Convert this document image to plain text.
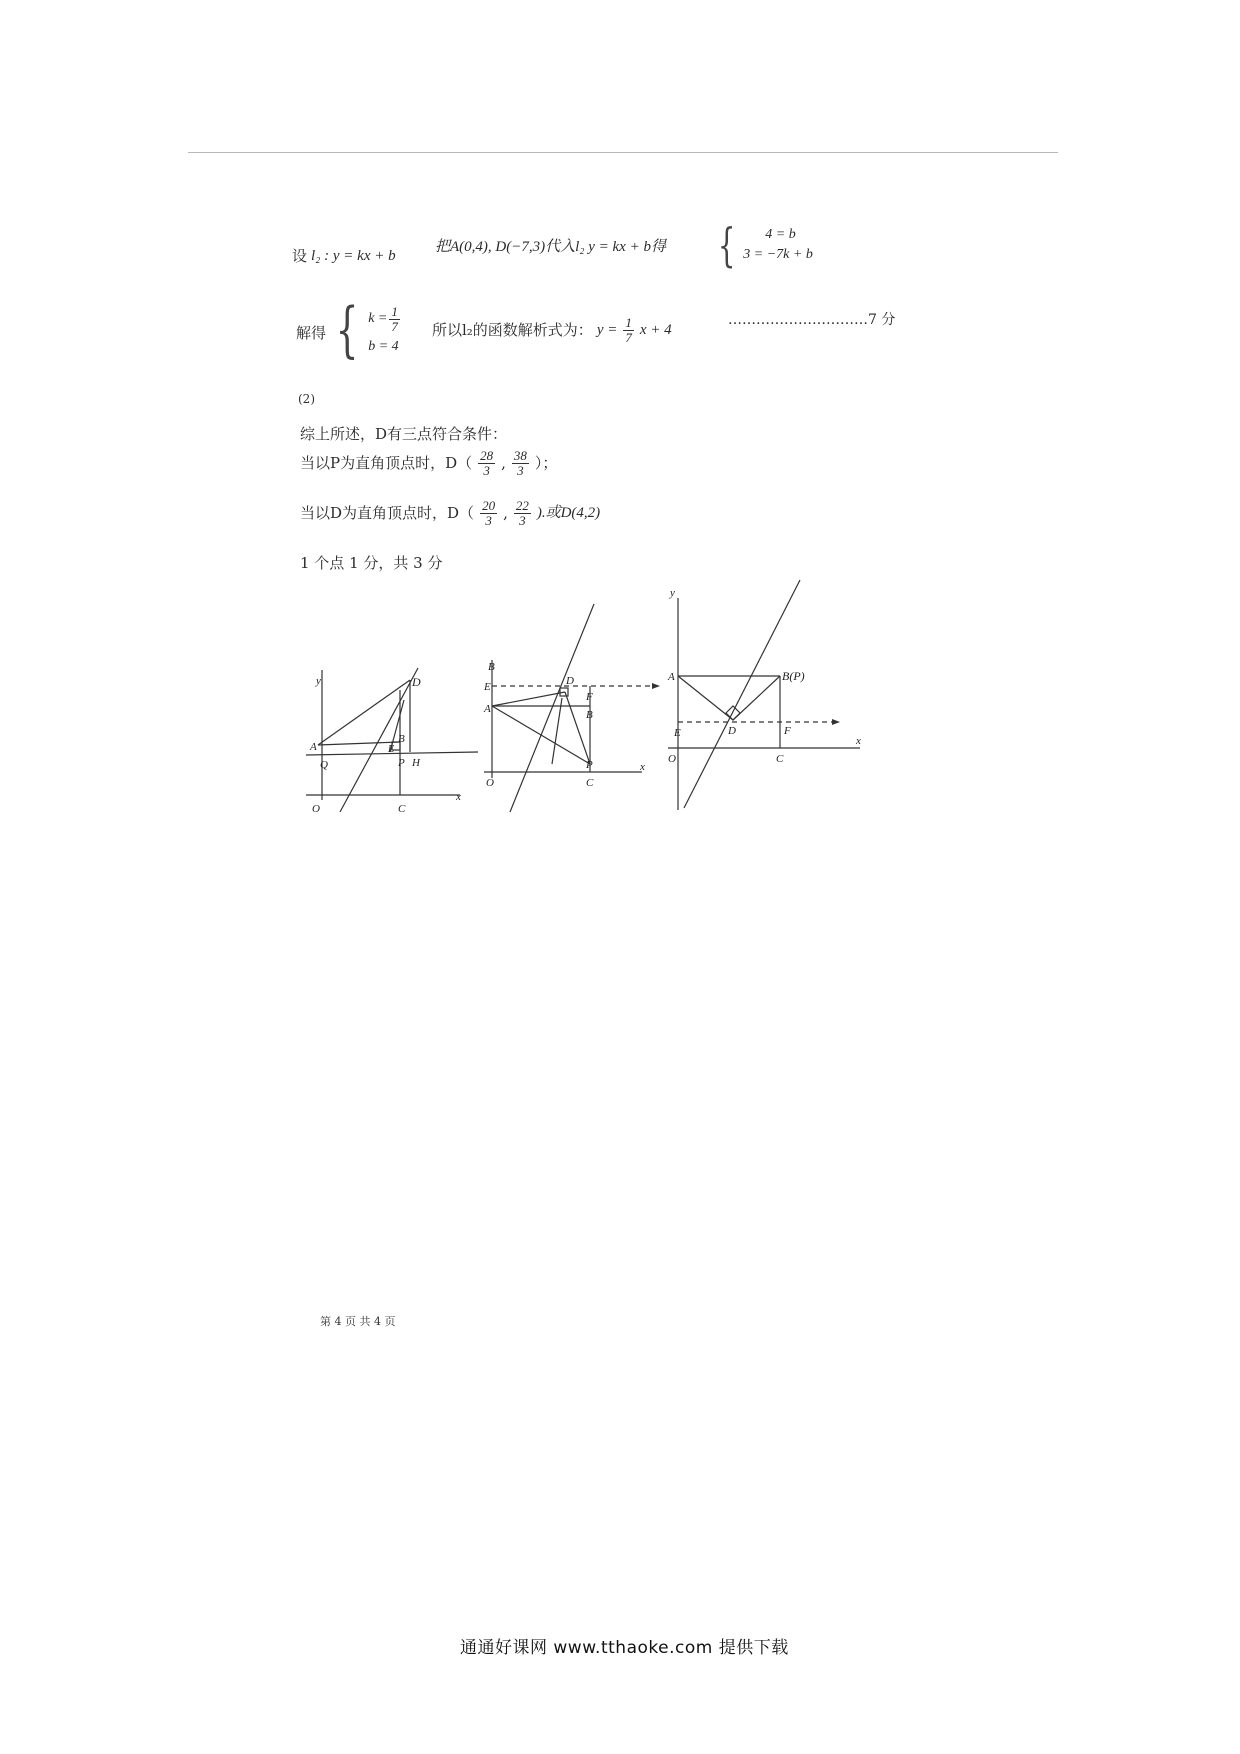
设 l₂ : y = kx + b
把A(0,4), D(−7,3)代入l₂ y = kx + b得 {	4 = b
3 = −7k + b
解得 { $k = \frac{1}{7}$
b = 4
所以l₂的函数解析式为： $y = \frac{1}{7}$ x + 4
…………………………7 分
(2)
综上所述，D有三点符合条件：
当以P为直角顶点时，$D( \frac{28}{3}$ , $\frac{38}{3}$ ）；
当以D为直角顶点时，$D( \frac{20}{3}$ , $\frac{22}{3}$ ).或D(4,2)
1 个点 1 分，共 3 分
y
x
D
A
B
Q
E
P H
O	C
B
E	D
A
F
B
O
P
C
x
y
A	B(P)
E	D	F
O	C
x
第 4 页 共 4 页
通通好课网 www.tthaoke.com 提供下载
